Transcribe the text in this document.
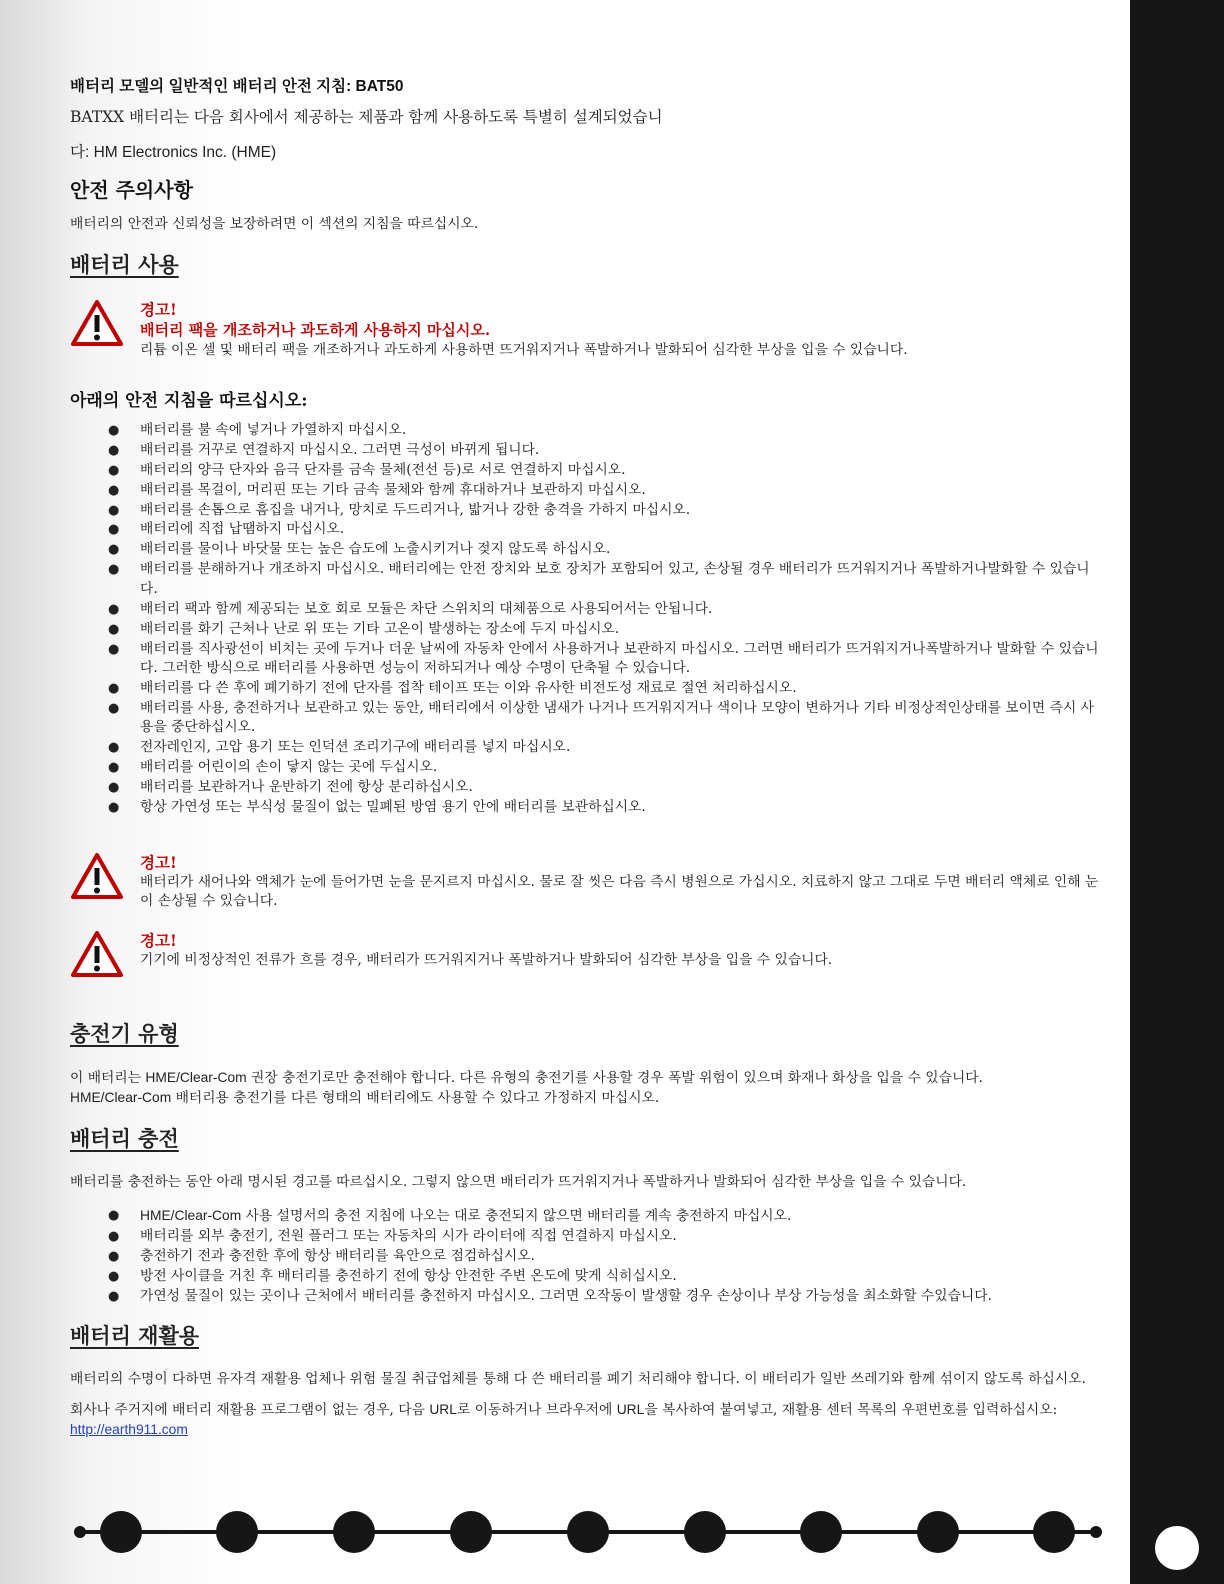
배터리 모델의 일반적인 배터리 안전 지침: BAT50

BATXX 배터리는 다음 회사에서 제공하는 제품과 함께 사용하도록 특별히 설계되었습니

다: HM Electronics Inc. (HME)

안전 주의사항

배터리의 안전과 신뢰성을 보장하려면 이 섹션의 지침을 따르십시오.

배터리 사용
경고!
배터리 팩을 개조하거나 과도하게 사용하지 마십시오.
리튬 이온 셀 및 배터리 팩을 개조하거나 과도하게 사용하면 뜨거워지거나 폭발하거나 발화되어 심각한 부상을 입을 수 있습니다.
아래의 안전 지침을 따르십시오:
● 배터리를 불 속에 넣거나 가열하지 마십시오.
● 배터리를 거꾸로 연결하지 마십시오. 그러면 극성이 바뀌게 됩니다.
● 배터리의 양극 단자와 음극 단자를 금속 물체(전선 등)로 서로 연결하지 마십시오.
● 배터리를 목걸이, 머리핀 또는 기타 금속 물체와 함께 휴대하거나 보관하지 마십시오.
● 배터리를 손톱으로 흠집을 내거나, 망치로 두드리거나, 밟거나 강한 충격을 가하지 마십시오.
● 배터리에 직접 납땜하지 마십시오.
● 배터리를 물이나 바닷물 또는 높은 습도에 노출시키거나 젖지 않도록 하십시오.
● 배터리를 분해하거나 개조하지 마십시오. 배터리에는 안전 장치와 보호 장치가 포함되어 있고, 손상될 경우 배터리가 뜨거워지거나 폭발하거나발화할 수 있습니다.
● 배터리 팩과 함께 제공되는 보호 회로 모듈은 차단 스위치의 대체품으로 사용되어서는 안됩니다.
● 배터리를 화기 근처나 난로 위 또는 기타 고온이 발생하는 장소에 두지 마십시오.
● 배터리를 직사광선이 비치는 곳에 두거나 더운 날씨에 자동차 안에서 사용하거나 보관하지 마십시오. 그러면 배터리가 뜨거워지거나폭발하거나 발화할 수 있습니다. 그러한 방식으로 배터리를 사용하면 성능이 저하되거나 예상 수명이 단축될 수 있습니다.
● 배터리를 다 쓴 후에 폐기하기 전에 단자를 접착 테이프 또는 이와 유사한 비전도성 재료로 절연 처리하십시오.
● 배터리를 사용, 충전하거나 보관하고 있는 동안, 배터리에서 이상한 냄새가 나거나 뜨거워지거나 색이나 모양이 변하거나 기타 비정상적인상태를 보이면 즉시 사용을 중단하십시오.
● 전자레인지, 고압 용기 또는 인덕션 조리기구에 배터리를 넣지 마십시오.
● 배터리를 어린이의 손이 닿지 않는 곳에 두십시오.
● 배터리를 보관하거나 운반하기 전에 항상 분리하십시오.
● 항상 가연성 또는 부식성 물질이 없는 밀폐된 방염 용기 안에 배터리를 보관하십시오.
경고!
배터리가 새어나와 액체가 눈에 들어가면 눈을 문지르지 마십시오. 물로 잘 씻은 다음 즉시 병원으로 가십시오. 치료하지 않고 그대로 두면 배터리 액체로 인해 눈이 손상될 수 있습니다.
경고!
기기에 비정상적인 전류가 흐를 경우, 배터리가 뜨거워지거나 폭발하거나 발화되어 심각한 부상을 입을 수 있습니다.
충전기 유형

이 배터리는 HME/Clear-Com 권장 충전기로만 충전해야 합니다. 다른 유형의 충전기를 사용할 경우 폭발 위험이 있으며 화재나 화상을 입을 수 있습니다.
HME/Clear-Com 배터리용 충전기를 다른 형태의 배터리에도 사용할 수 있다고 가정하지 마십시오.

배터리 충전

배터리를 충전하는 동안 아래 명시된 경고를 따르십시오. 그렇지 않으면 배터리가 뜨거워지거나 폭발하거나 발화되어 심각한 부상을 입을 수 있습니다.

● HME/Clear-Com 사용 설명서의 충전 지침에 나오는 대로 충전되지 않으면 배터리를 계속 충전하지 마십시오.
● 배터리를 외부 충전기, 전원 플러그 또는 자동차의 시가 라이터에 직접 연결하지 마십시오.
● 충전하기 전과 충전한 후에 항상 배터리를 육안으로 점검하십시오.
● 방전 사이클을 거친 후 배터리를 충전하기 전에 항상 안전한 주변 온도에 맞게 식히십시오.
● 가연성 물질이 있는 곳이나 근처에서 배터리를 충전하지 마십시오. 그러면 오작동이 발생할 경우 손상이나 부상 가능성을 최소화할 수있습니다.
배터리 재활용

배터리의 수명이 다하면 유자격 재활용 업체나 위험 물질 취급업체를 통해 다 쓴 배터리를 폐기 처리해야 합니다. 이 배터리가 일반 쓰레기와 함께 섞이지 않도록 하십시오.

회사나 주거지에 배터리 재활용 프로그램이 없는 경우, 다음 URL로 이동하거나 브라우저에 URL을 복사하여 붙여넣고, 재활용 센터 목록의 우편번호를 입력하십시오: http://earth911.com
